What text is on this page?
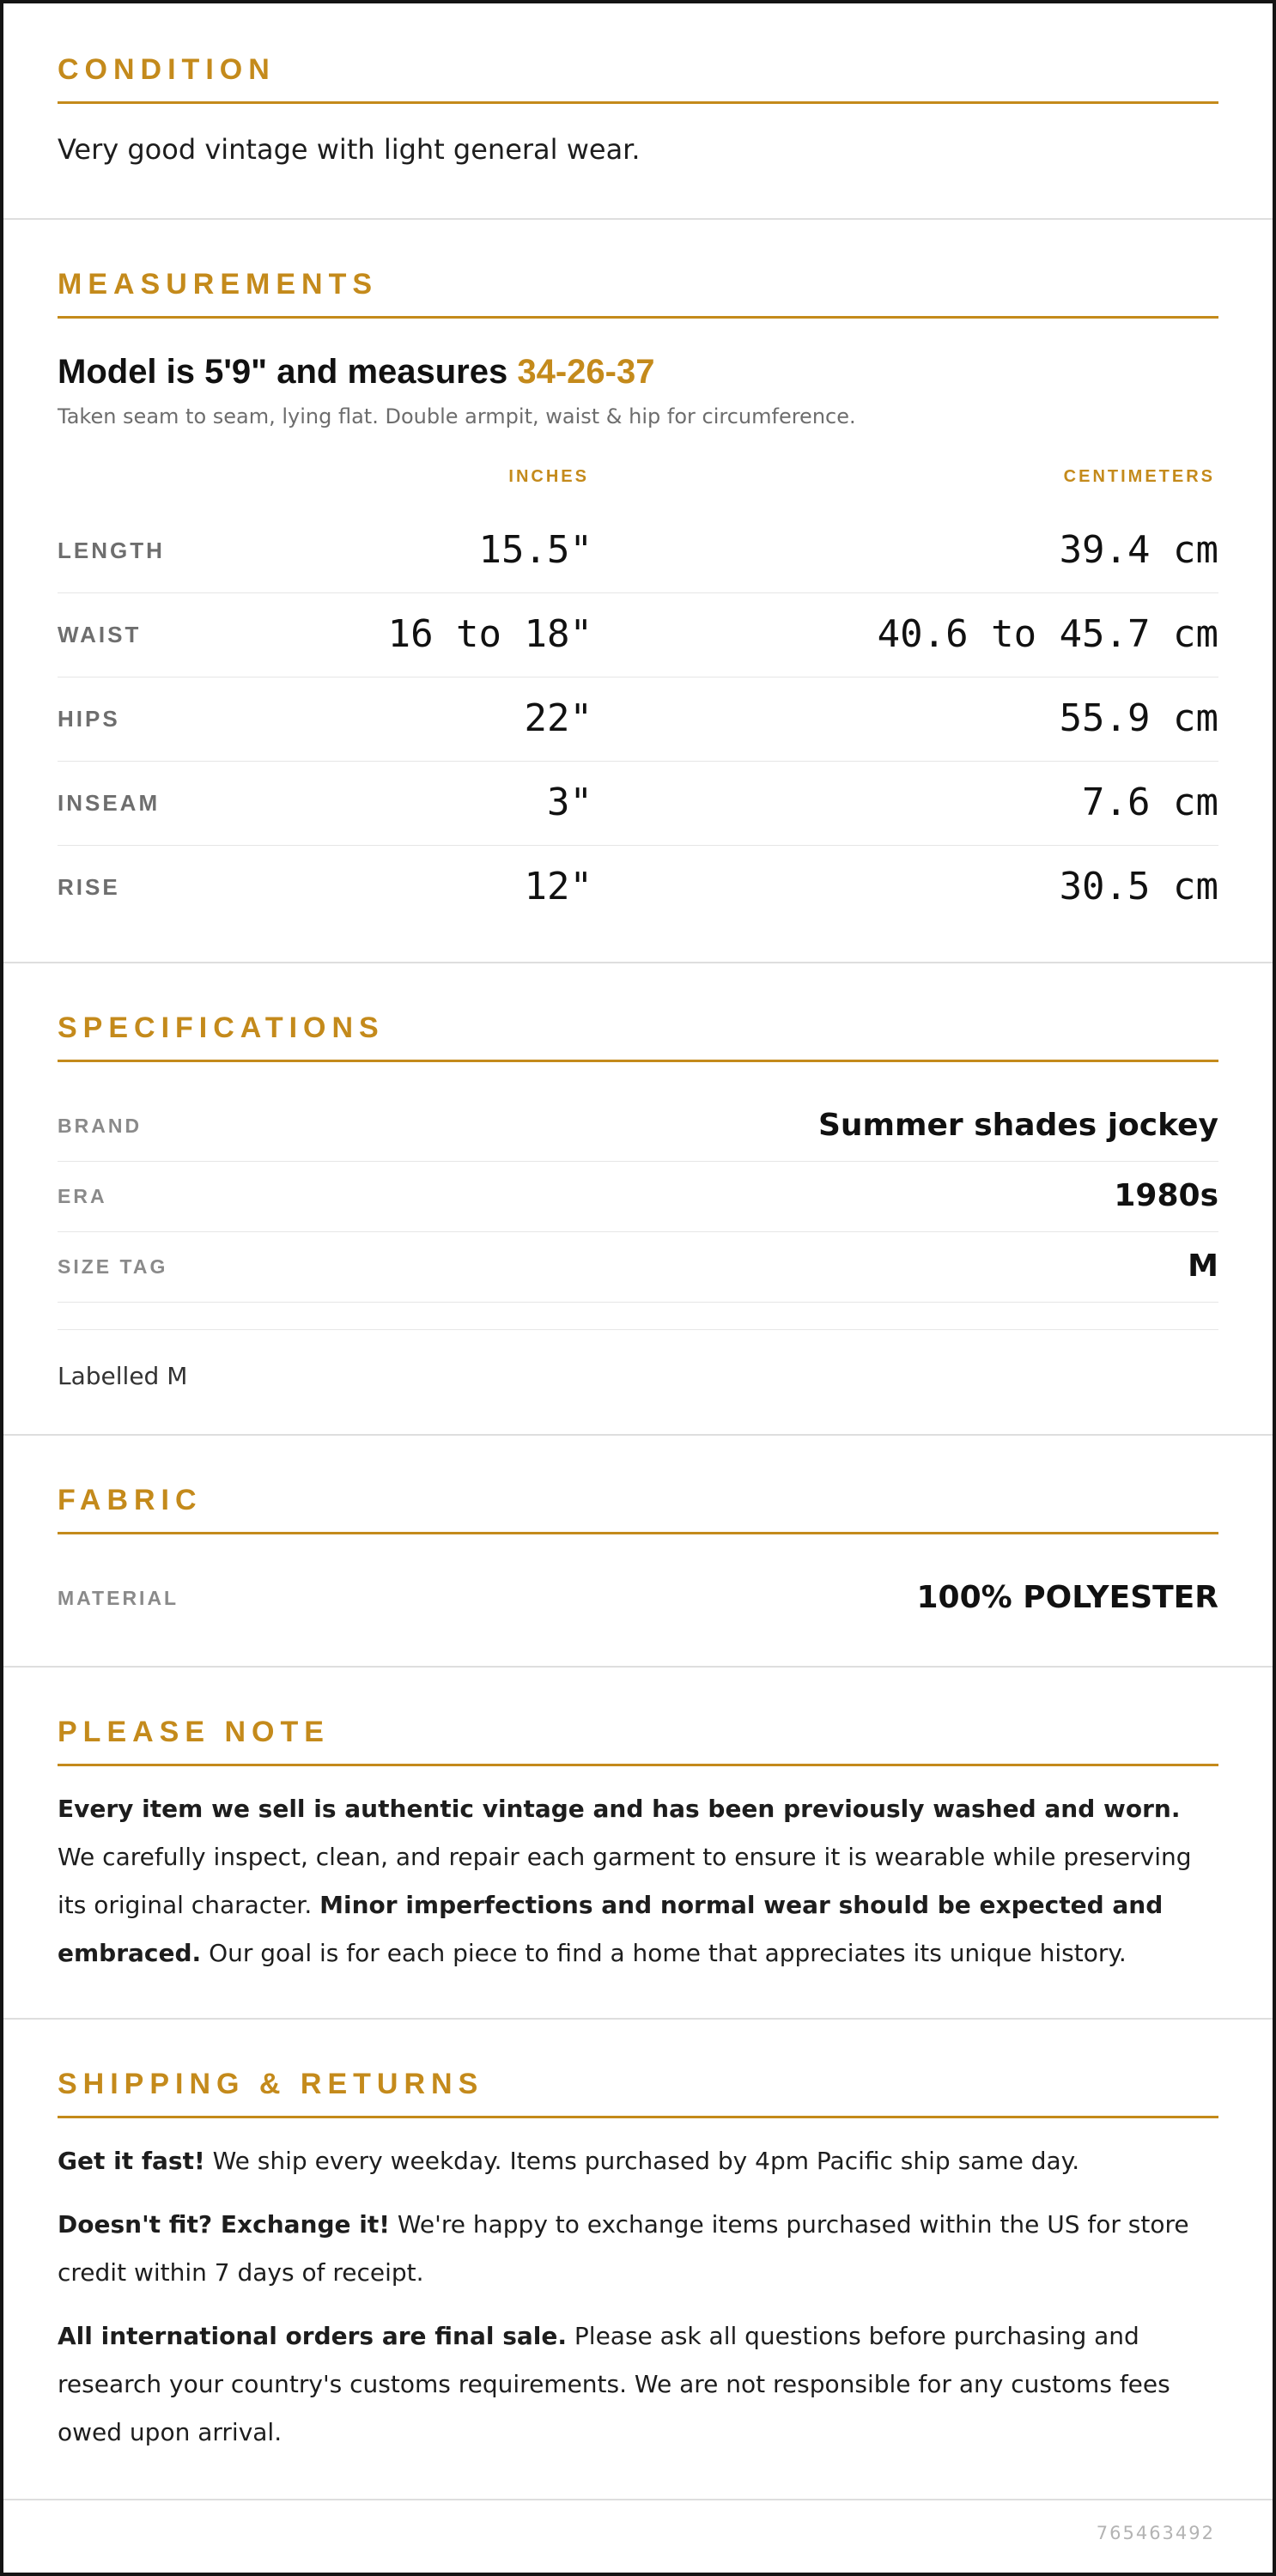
CONDITION
Very good vintage with light general wear.
MEASUREMENTS
Model is 5'9" and measures 34-26-37
Taken seam to seam, lying flat. Double armpit, waist & hip for circumference.
INCHES	CENTIMETERS
LENGTH	15.5"	39.4 cm
WAIST	16 to 18"	40.6 to 45.7 cm
HIPS	22"	55.9 cm
INSEAM	3"	7.6 cm
RISE	12"	30.5 cm
SPECIFICATIONS
BRAND	Summer shades jockey
ERA	1980s
SIZE TAG	M
Labelled M
FABRIC
MATERIAL	100% POLYESTER
PLEASE NOTE
Every item we sell is authentic vintage and has been previously washed and worn. We carefully inspect, clean, and repair each garment to ensure it is wearable while preserving its original character. Minor imperfections and normal wear should be expected and embraced. Our goal is for each piece to find a home that appreciates its unique history.
SHIPPING & RETURNS
Get it fast! We ship every weekday. Items purchased by 4pm Pacific ship same day.
Doesn't fit? Exchange it! We're happy to exchange items purchased within the US for store credit within 7 days of receipt.
All international orders are final sale. Please ask all questions before purchasing and research your country's customs requirements. We are not responsible for any customs fees owed upon arrival.
765463492
